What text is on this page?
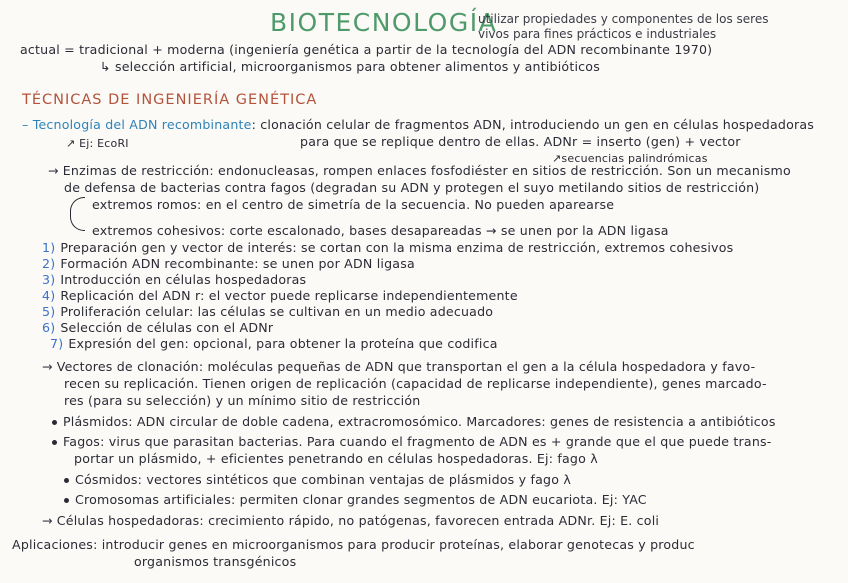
BIOTECNOLOGÍA
utilizar propiedades y componentes de los seres
vivos para fines prácticos e industriales
actual = tradicional + moderna (ingeniería genética a partir de la tecnología del ADN recombinante 1970)
↳ selección artificial, microorganismos para obtener alimentos y antibióticos
TÉCNICAS DE INGENIERÍA GENÉTICA
– Tecnología del ADN recombinante: clonación celular de fragmentos ADN, introduciendo un gen en células hospedadoras
para que se replique dentro de ellas. ADNr = inserto (gen) + vector
↗ Ej: EcoRI
↗secuencias palindrómicas
→ Enzimas de restricción: endonucleasas, rompen enlaces fosfodiéster en sitios de restricción. Son un mecanismo
de defensa de bacterias contra fagos (degradan su ADN y protegen el suyo metilando sitios de restricción)
extremos romos: en el centro de simetría de la secuencia. No pueden aparearse
extremos cohesivos: corte escalonado, bases desapareadas → se unen por la ADN ligasa
1) Preparación gen y vector de interés: se cortan con la misma enzima de restricción, extremos cohesivos
2) Formación ADN recombinante: se unen por ADN ligasa
3) Introducción en células hospedadoras
4) Replicación del ADN r: el vector puede replicarse independientemente
5) Proliferación celular: las células se cultivan en un medio adecuado
6) Selección de células con el ADNr
7) Expresión del gen: opcional, para obtener la proteína que codifica
→ Vectores de clonación: moléculas pequeñas de ADN que transportan el gen a la célula hospedadora y favo-
recen su replicación. Tienen origen de replicación (capacidad de replicarse independiente), genes marcado-
res (para su selección) y un mínimo sitio de restricción
Plásmidos: ADN circular de doble cadena, extracromosómico. Marcadores: genes de resistencia a antibióticos
Fagos: virus que parasitan bacterias. Para cuando el fragmento de ADN es + grande que el que puede trans-
portar un plásmido, + eficientes penetrando en células hospedadoras. Ej: fago λ
Cósmidos: vectores sintéticos que combinan ventajas de plásmidos y fago λ
Cromosomas artificiales: permiten clonar grandes segmentos de ADN eucariota. Ej: YAC
→ Células hospedadoras: crecimiento rápido, no patógenas, favorecen entrada ADNr. Ej: E. coli
Aplicaciones: introducir genes en microorganismos para producir proteínas, elaborar genotecas y produc
organismos transgénicos
